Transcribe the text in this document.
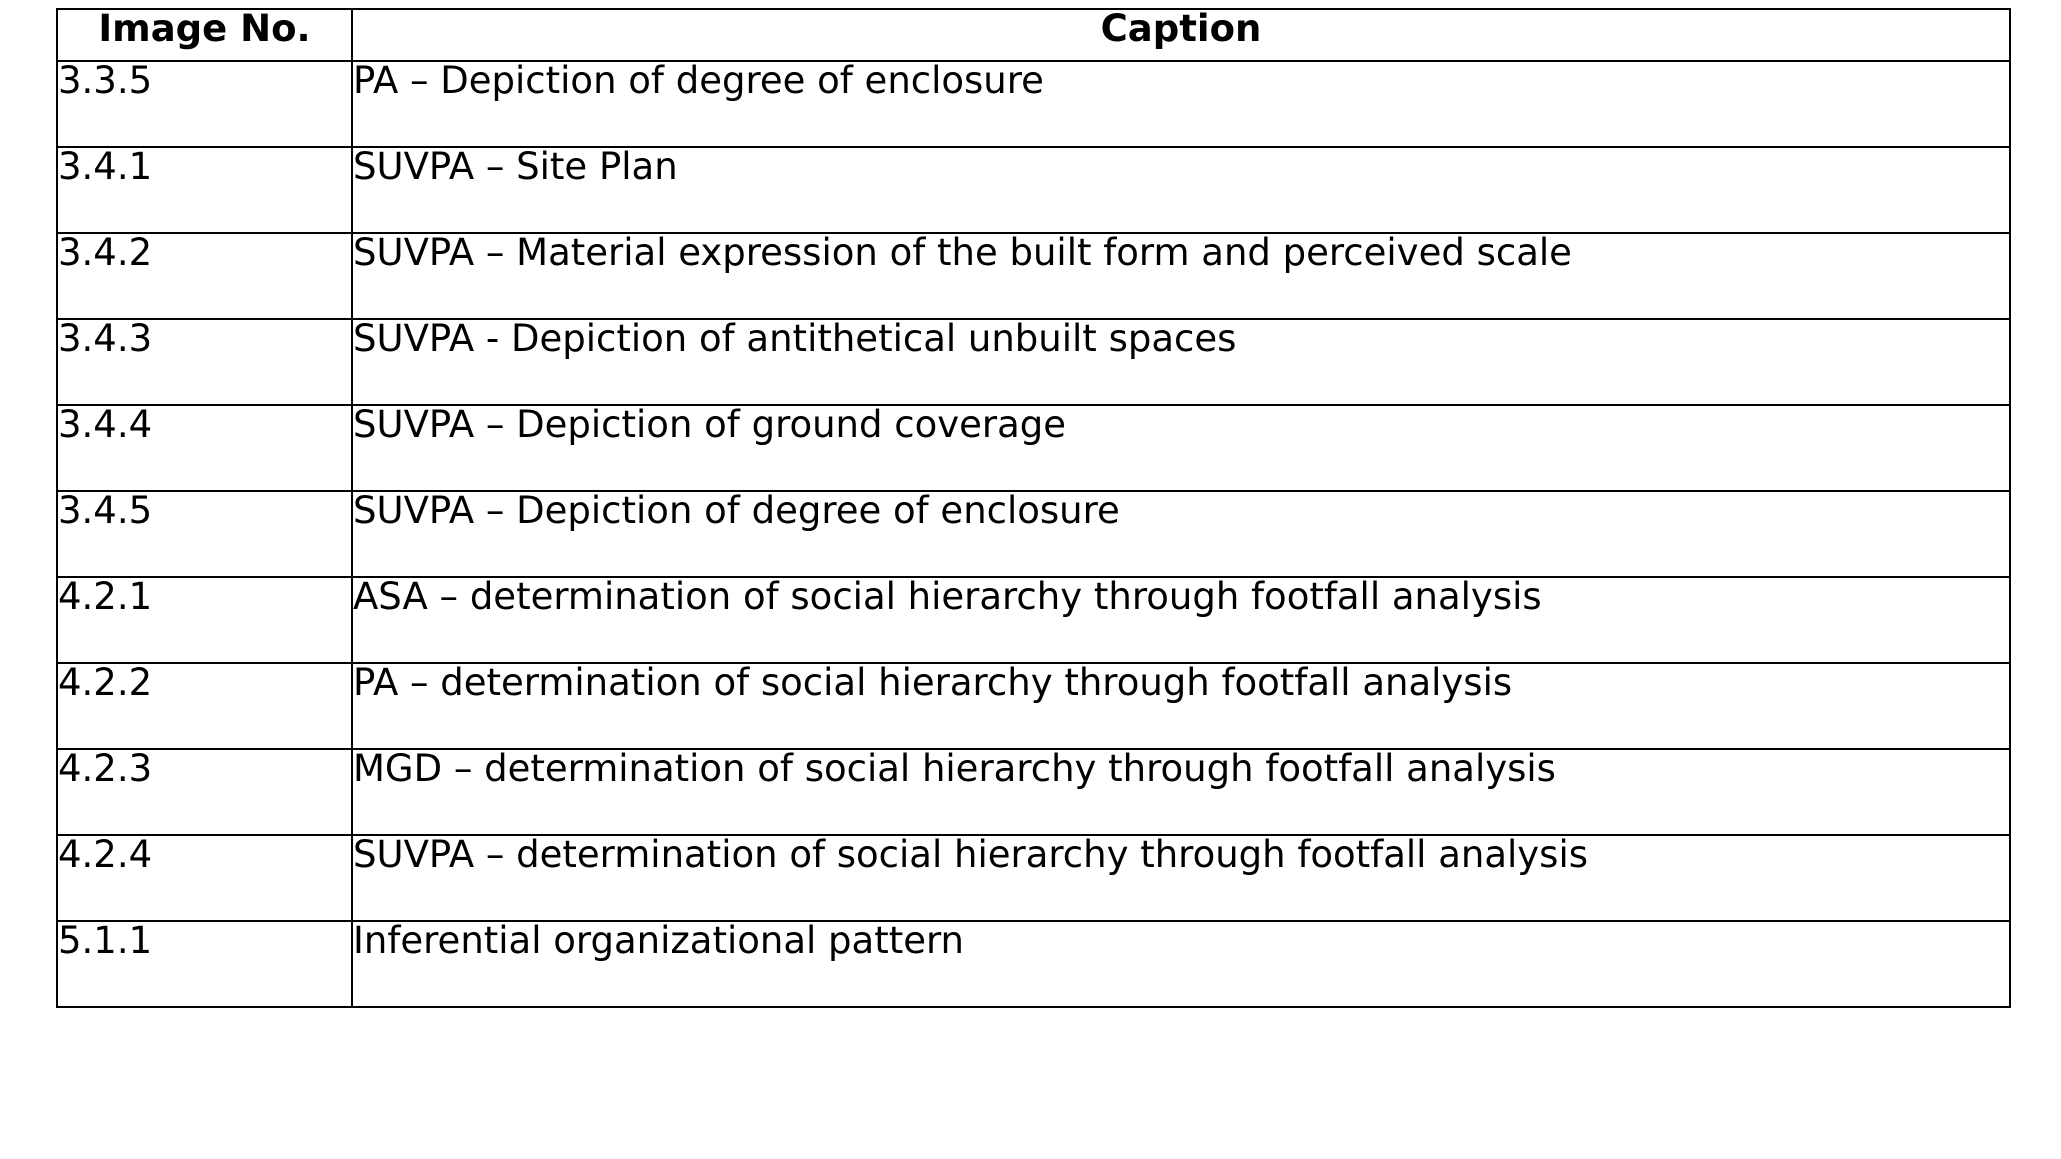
Image No.	Caption
3.3.5	PA – Depiction of degree of enclosure
3.4.1	SUVPA – Site Plan
3.4.2	SUVPA – Material expression of the built form and perceived scale
3.4.3	SUVPA - Depiction of antithetical unbuilt spaces
3.4.4	SUVPA – Depiction of ground coverage
3.4.5	SUVPA – Depiction of degree of enclosure
4.2.1	ASA – determination of social hierarchy through footfall analysis
4.2.2	PA – determination of social hierarchy through footfall analysis
4.2.3	MGD – determination of social hierarchy through footfall analysis
4.2.4	SUVPA – determination of social hierarchy through footfall analysis
5.1.1	Inferential organizational pattern
